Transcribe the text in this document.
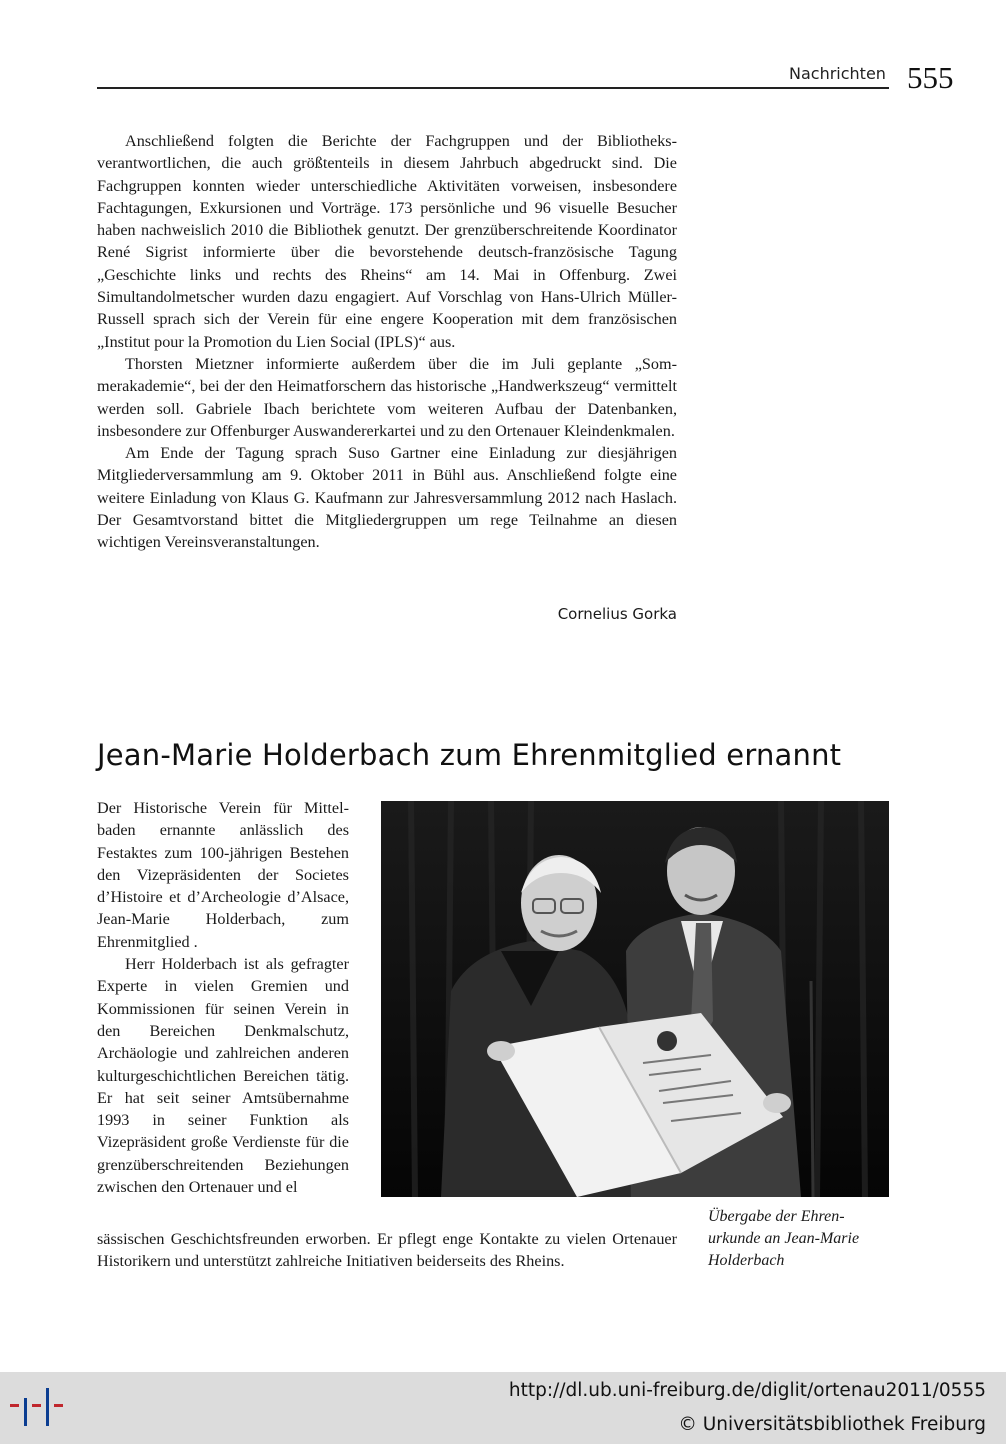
Nachrichten 555

Anschließend folgten die Berichte der Fachgruppen und der Bibliotheksverantwortlichen, die auch größtenteils in diesem Jahrbuch abgedruckt sind. Die Fachgruppen konnten wieder unterschiedliche Aktivitäten vorweisen, insbesondere Fachtagungen, Exkursionen und Vorträge. 173 persönliche und 96 visuelle Besucher haben nachweislich 2010 die Bibliothek genutzt. Der grenzüberschreitende Koordinator René Sigrist informierte über die bevorstehende deutsch-französische Tagung „Geschichte links und rechts des Rheins“ am 14. Mai in Offenburg. Zwei Simultandolmetscher wurden dazu engagiert. Auf Vorschlag von Hans-Ulrich Müller-Russell sprach sich der Verein für eine engere Kooperation mit dem französischen „Institut pour la Promotion du Lien Social (IPLS)“ aus.

Thorsten Mietzner informierte außerdem über die im Juli geplante „Sommerakademie“, bei der den Heimatforschern das historische „Handwerkszeug“ vermittelt werden soll. Gabriele Ibach berichtete vom weiteren Aufbau der Datenbanken, insbesondere zur Offenburger Auswandererkartei und zu den Ortenauer Kleindenkmalen.

Am Ende der Tagung sprach Suso Gartner eine Einladung zur diesjährigen Mitgliederversammlung am 9. Oktober 2011 in Bühl aus. Anschließend folgte eine weitere Einladung von Klaus G. Kaufmann zur Jahresversammlung 2012 nach Haslach. Der Gesamtvorstand bittet die Mitgliedergruppen um rege Teilnahme an diesen wichtigen Vereinsveranstaltungen.

Cornelius Gorka
Jean-Marie Holderbach zum Ehrenmitglied ernannt

Der Historische Verein für Mittelbaden ernannte anlässlich des Festaktes zum 100-jährigen Bestehen den Vizepräsidenten der Societes d’Histoire et d’Archeologie d’Alsace, Jean-Marie Holderbach, zum Ehrenmitglied .

Herr Holderbach ist als gefragter Experte in vielen Gremien und Kommissionen für seinen Verein in den Bereichen Denkmalschutz, Archäologie und zahlreichen anderen kulturgeschichtlichen Bereichen tätig. Er hat seit seiner Amtsübernahme 1993 in seiner Funktion als Vizepräsident große Verdienste für die grenzüberschreitenden Beziehungen zwischen den Ortenauer und el

sässischen Geschichtsfreunden erworben. Er pflegt enge Kontakte zu vielen Ortenauer Historikern und unterstützt zahlreiche Initiativen beiderseits des Rheins.
Übergabe der Ehrenurkunde an Jean-Marie Holderbach
http://dl.ub.uni-freiburg.de/diglit/ortenau2011/0555
© Universitätsbibliothek Freiburg
